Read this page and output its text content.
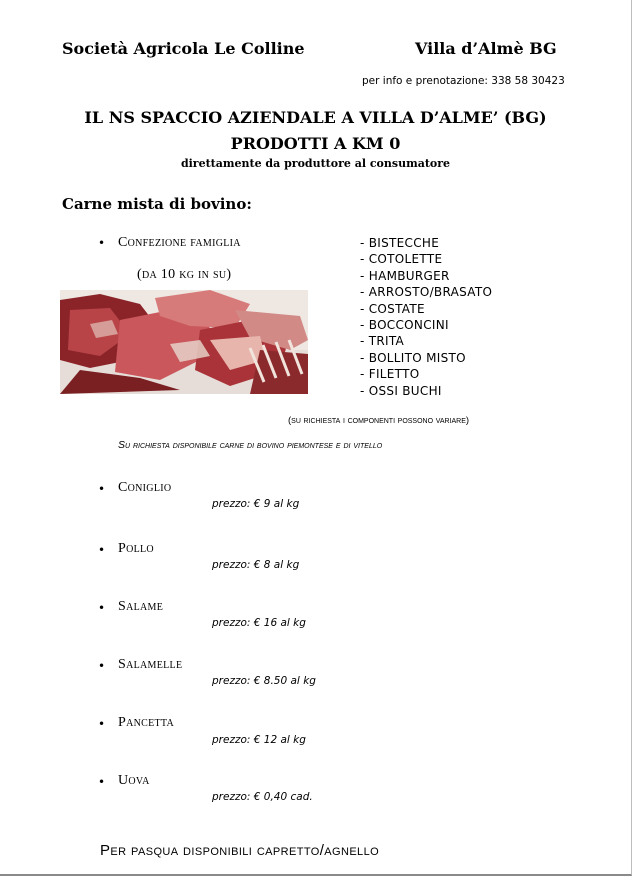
Società Agricola Le Colline	Villa d’Almè BG
per info e prenotazione: 338 58 30423
IL NS SPACCIO AZIENDALE A VILLA D’ALME’ (BG)
PRODOTTI A KM 0
direttamente da produttore al consumatore
Carne mista di bovino:
• Confezione famiglia
(da 10 kg in su)
- BISTECCHE
- COTOLETTE
- HAMBURGER
- ARROSTO/BRASATO
- COSTATE
- BOCCONCINI
- TRITA
- BOLLITO MISTO
- FILETTO
- OSSI BUCHI
(su richiesta i componenti possono variare)
Su richiesta disponibile carne di bovino piemontese e di vitello
• Coniglio
prezzo: € 9 al kg
• Pollo
prezzo: € 8 al kg
• Salame
prezzo: € 16 al kg
• Salamelle
prezzo: € 8.50 al kg
• Pancetta
prezzo: € 12 al kg
• Uova
prezzo: € 0,40 cad.
Per pasqua disponibili capretto/agnello
